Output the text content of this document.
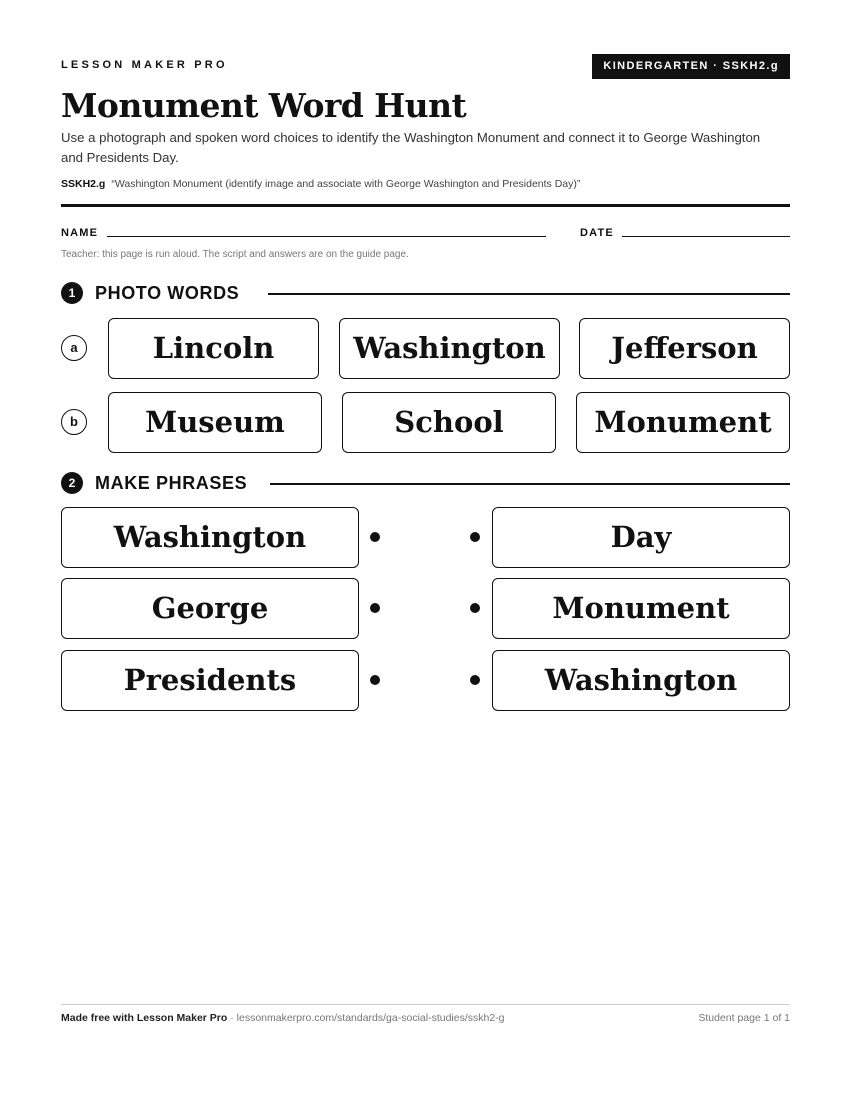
LESSON MAKER PRO	KINDERGARTEN · SSKH2.g
Monument Word Hunt

Use a photograph and spoken word choices to identify the Washington Monument and connect it to George Washington and Presidents Day.

SSKH2.g “Washington Monument (identify image and associate with George Washington and Presidents Day)”
NAME	DATE
Teacher: this page is run aloud. The script and answers are on the guide page.
1	PHOTO WORDS
a	Lincoln	Washington	Jefferson
b	Museum	School	Monument
2	MAKE PHRASES
Washington	Day
George	Monument
Presidents	Washington
Made free with Lesson Maker Pro · lessonmakerpro.com/standards/ga-social-studies/sskh2-g	Student page 1 of 1
